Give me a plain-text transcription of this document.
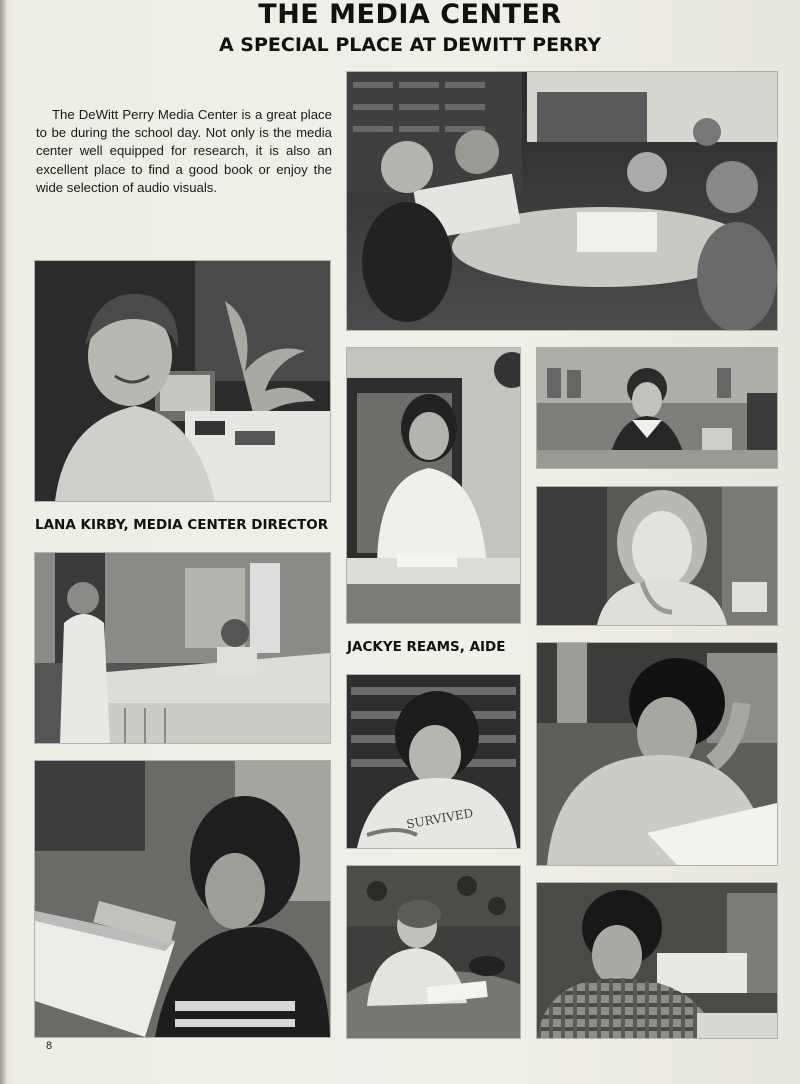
THE MEDIA CENTER
A SPECIAL PLACE AT DEWITT PERRY

The DeWitt Perry Media Center is a great place to be during the school day. Not only is the media center well equipped for research, it is also an excellent place to find a good book or enjoy the wide selection of audio visuals.

LANA KIRBY, MEDIA CENTER DIRECTOR
JACKYE REAMS, AIDE
SURVIVED
8
